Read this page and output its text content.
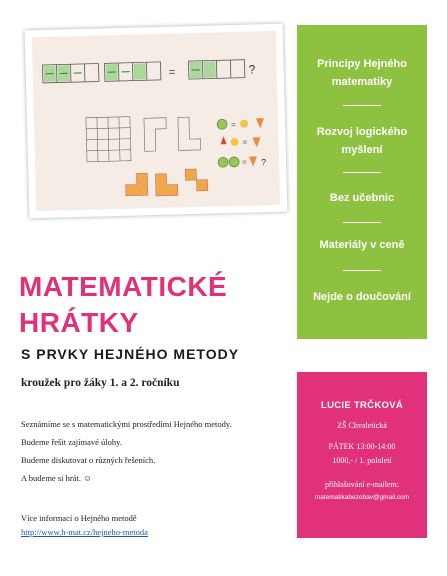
=	?
=
=
= ?
Principy Hejného
matematiky
Rozvoj logického
myšlení
Bez učebnic
Materiály v ceně
Nejde o doučování
MATEMATICKÉ
HRÁTKY
S PRVKY HEJNÉHO METODY
kroužek pro žáky 1. a 2. ročníku
Seznámíme se s matematickými prostředími Hejného metody.
Budeme řešit zajímavé úlohy.
Budeme diskutovat o různých řešeních.
A budeme si hrát. ☺
Více informací o Hejného metodě
http://www.h-mat.cz/hejneho-metoda
LUCIE TRČKOVÁ
ZŠ Chvaletická
PÁTEK 13:00-14:00
1000,- / 1. pololetí
přihlašování e-mailem:
matematikabezobav@gmail.com
